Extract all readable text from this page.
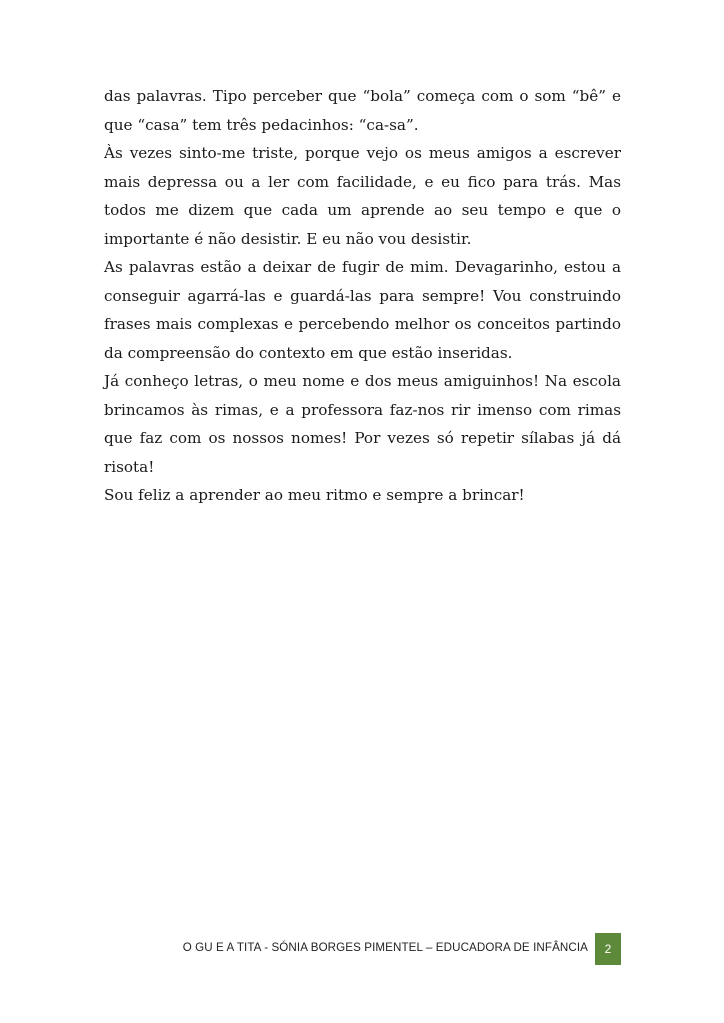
das palavras. Tipo perceber que “bola” começa com o som “bê” e que “casa” tem três pedacinhos: “ca-sa”.

Às vezes sinto-me triste, porque vejo os meus amigos a escrever mais depressa ou a ler com facilidade, e eu fico para trás. Mas todos me dizem que cada um aprende ao seu tempo e que o importante é não desistir. E eu não vou desistir.

As palavras estão a deixar de fugir de mim. Devagarinho, estou a conseguir agarrá-las e guardá-las para sempre! Vou construindo frases mais complexas e percebendo melhor os conceitos partindo da compreensão do contexto em que estão inseridas.

Já conheço letras, o meu nome e dos meus amiguinhos! Na escola brincamos às rimas, e a professora faz-nos rir imenso com rimas que faz com os nossos nomes! Por vezes só repetir sílabas já dá risota!

Sou feliz a aprender ao meu ritmo e sempre a brincar!

O GU E A TITA - SÓNIA BORGES PIMENTEL – EDUCADORA DE INFÂNCIA	2
